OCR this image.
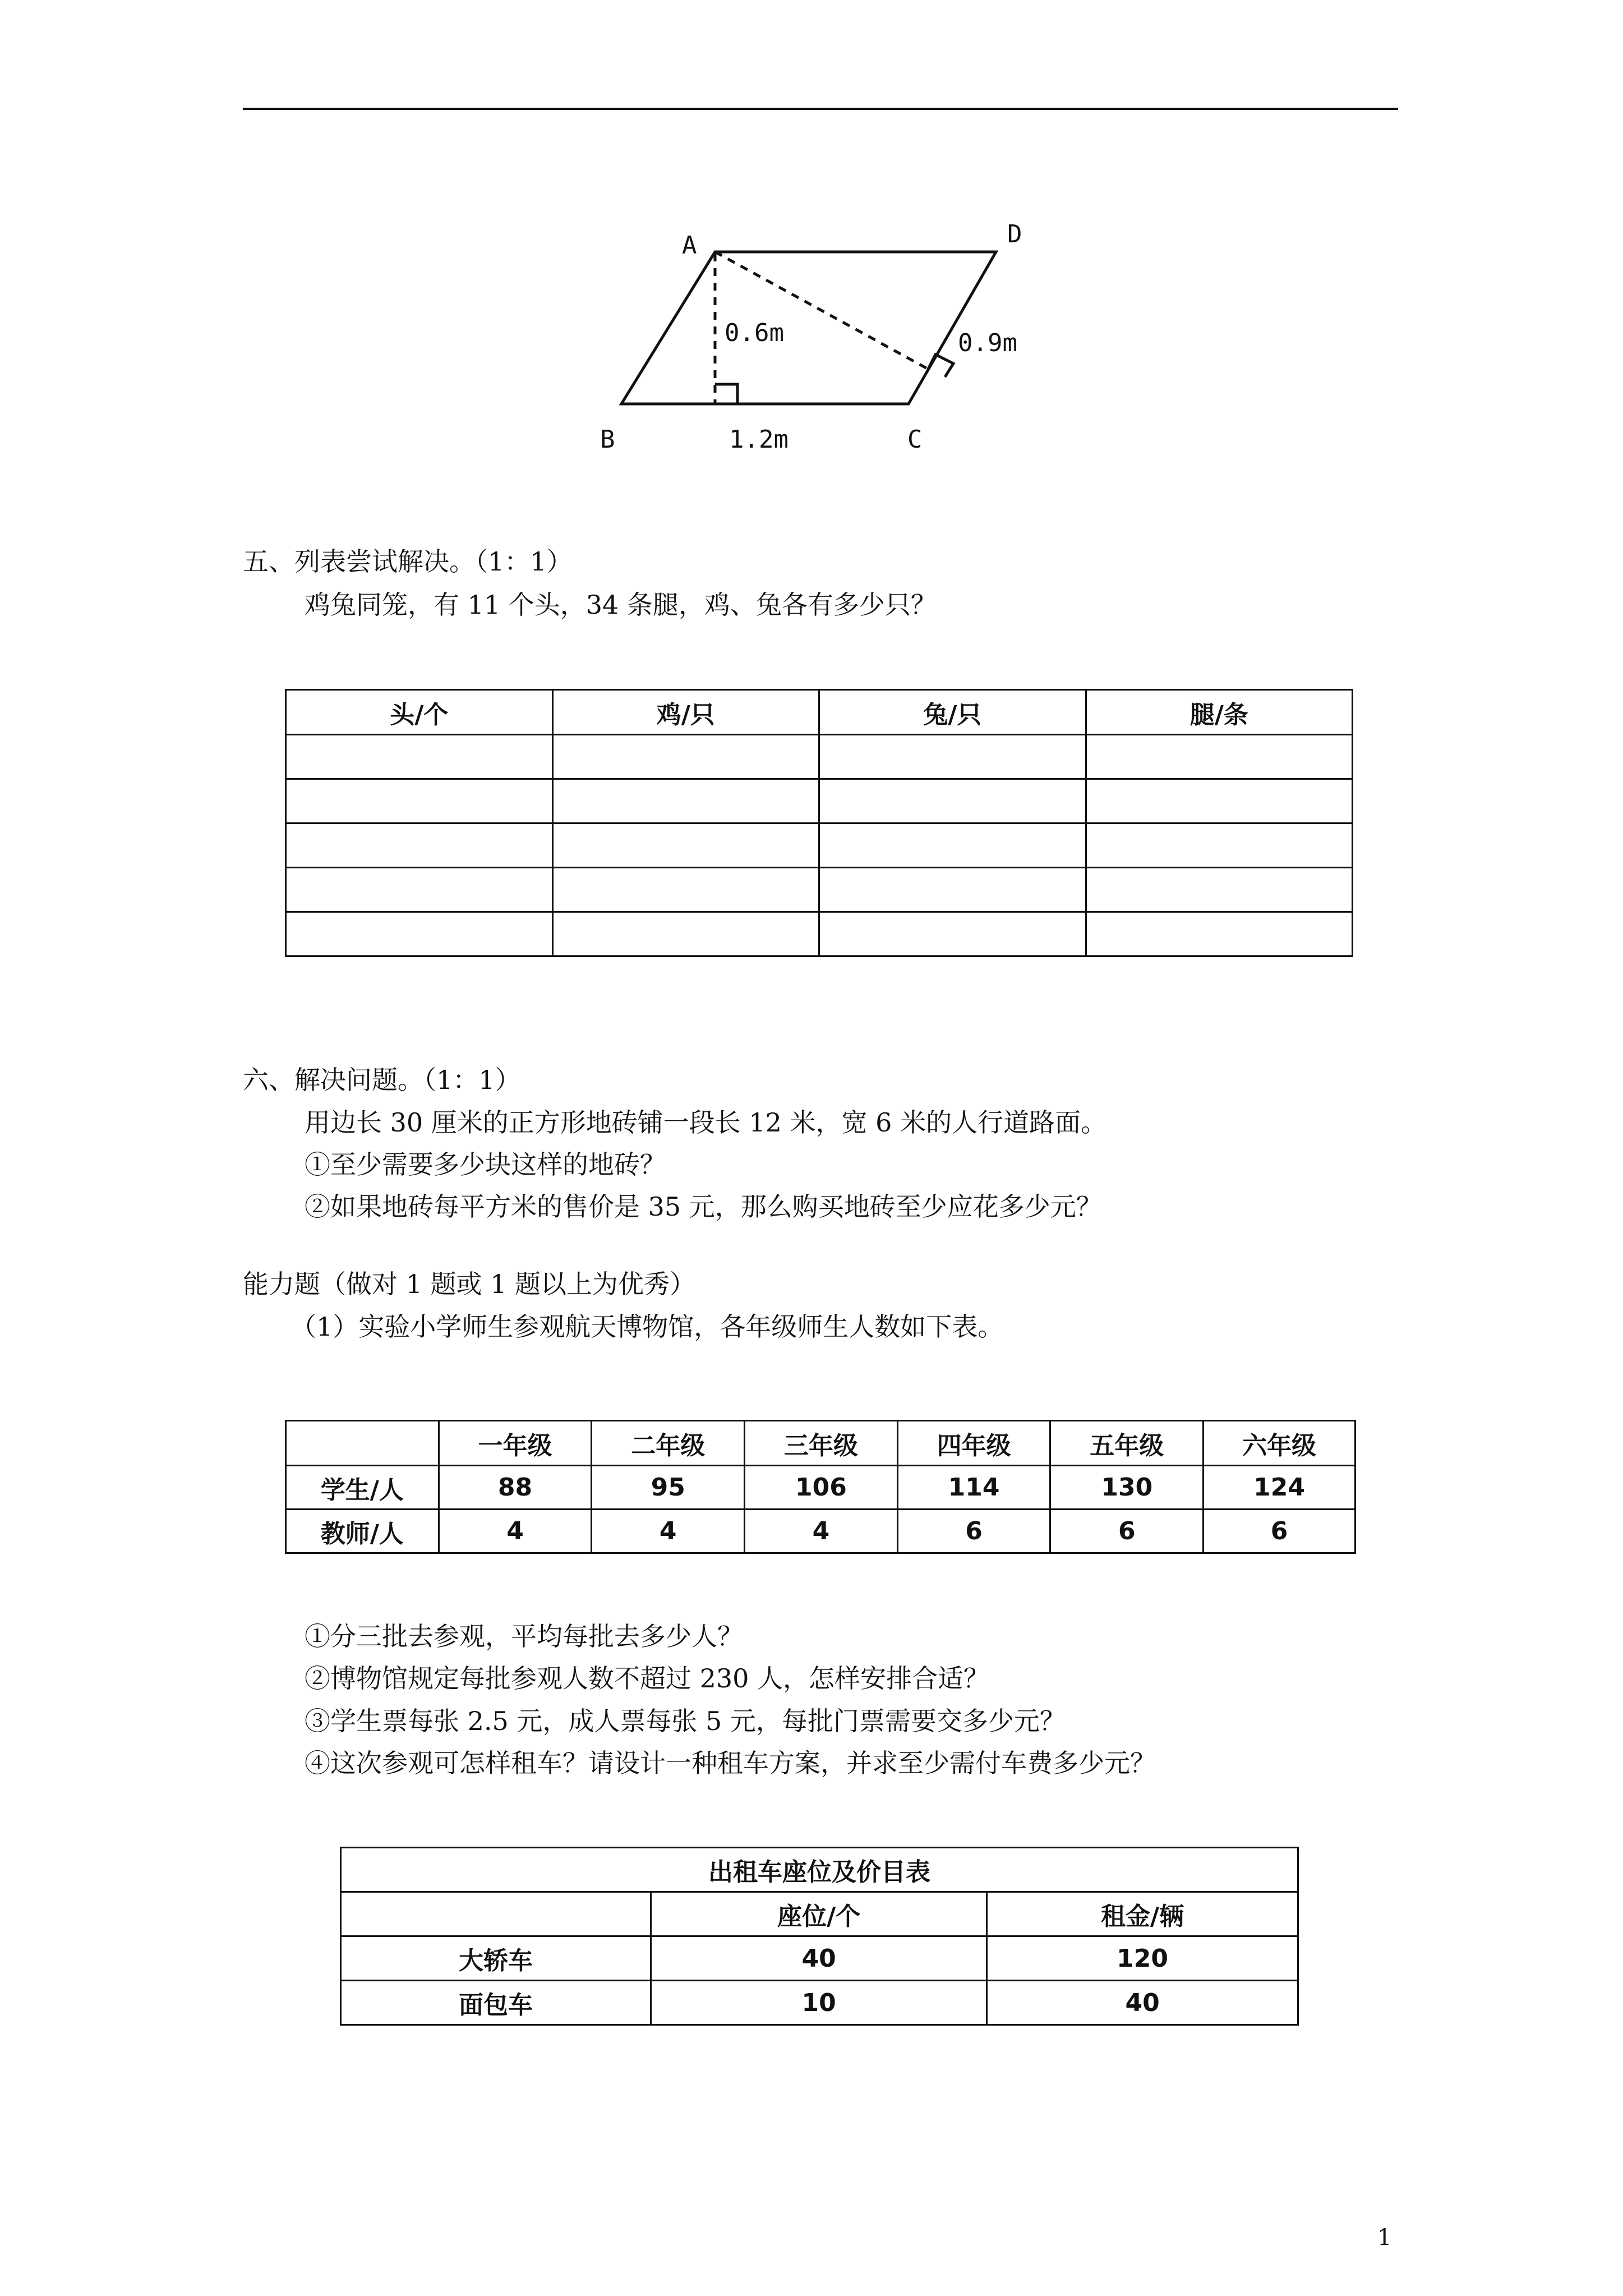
A
B	C
D
0.6m	0.9m
1.2m
五、列表尝试解决。（1：1）
鸡兔同笼，有 11 个头，34 条腿，鸡、兔各有多少只？
头/个	鸡/只	兔/只	腿/条

六、解决问题。（1：1）
用边长 30 厘米的正方形地砖铺一段长 12 米，宽 6 米的人行道路面。
①至少需要多少块这样的地砖？
②如果地砖每平方米的售价是 35 元，那么购买地砖至少应花多少元？
能力题（做对 1 题或 1 题以上为优秀）
（1）实验小学师生参观航天博物馆，各年级师生人数如下表。
	一年级	二年级	三年级	四年级	五年级	六年级
学生/人	88	95	106	114	130	124
教师/人	4	4	4	6	6	6
①分三批去参观，平均每批去多少人？
②博物馆规定每批参观人数不超过 230 人，怎样安排合适？
③学生票每张 2.5 元，成人票每张 5 元，每批门票需要交多少元？
④这次参观可怎样租车？请设计一种租车方案，并求至少需付车费多少元？
出租车座位及价目表		
	座位/个	租金/辆
大轿车	40	120
面包车	10	40
1
